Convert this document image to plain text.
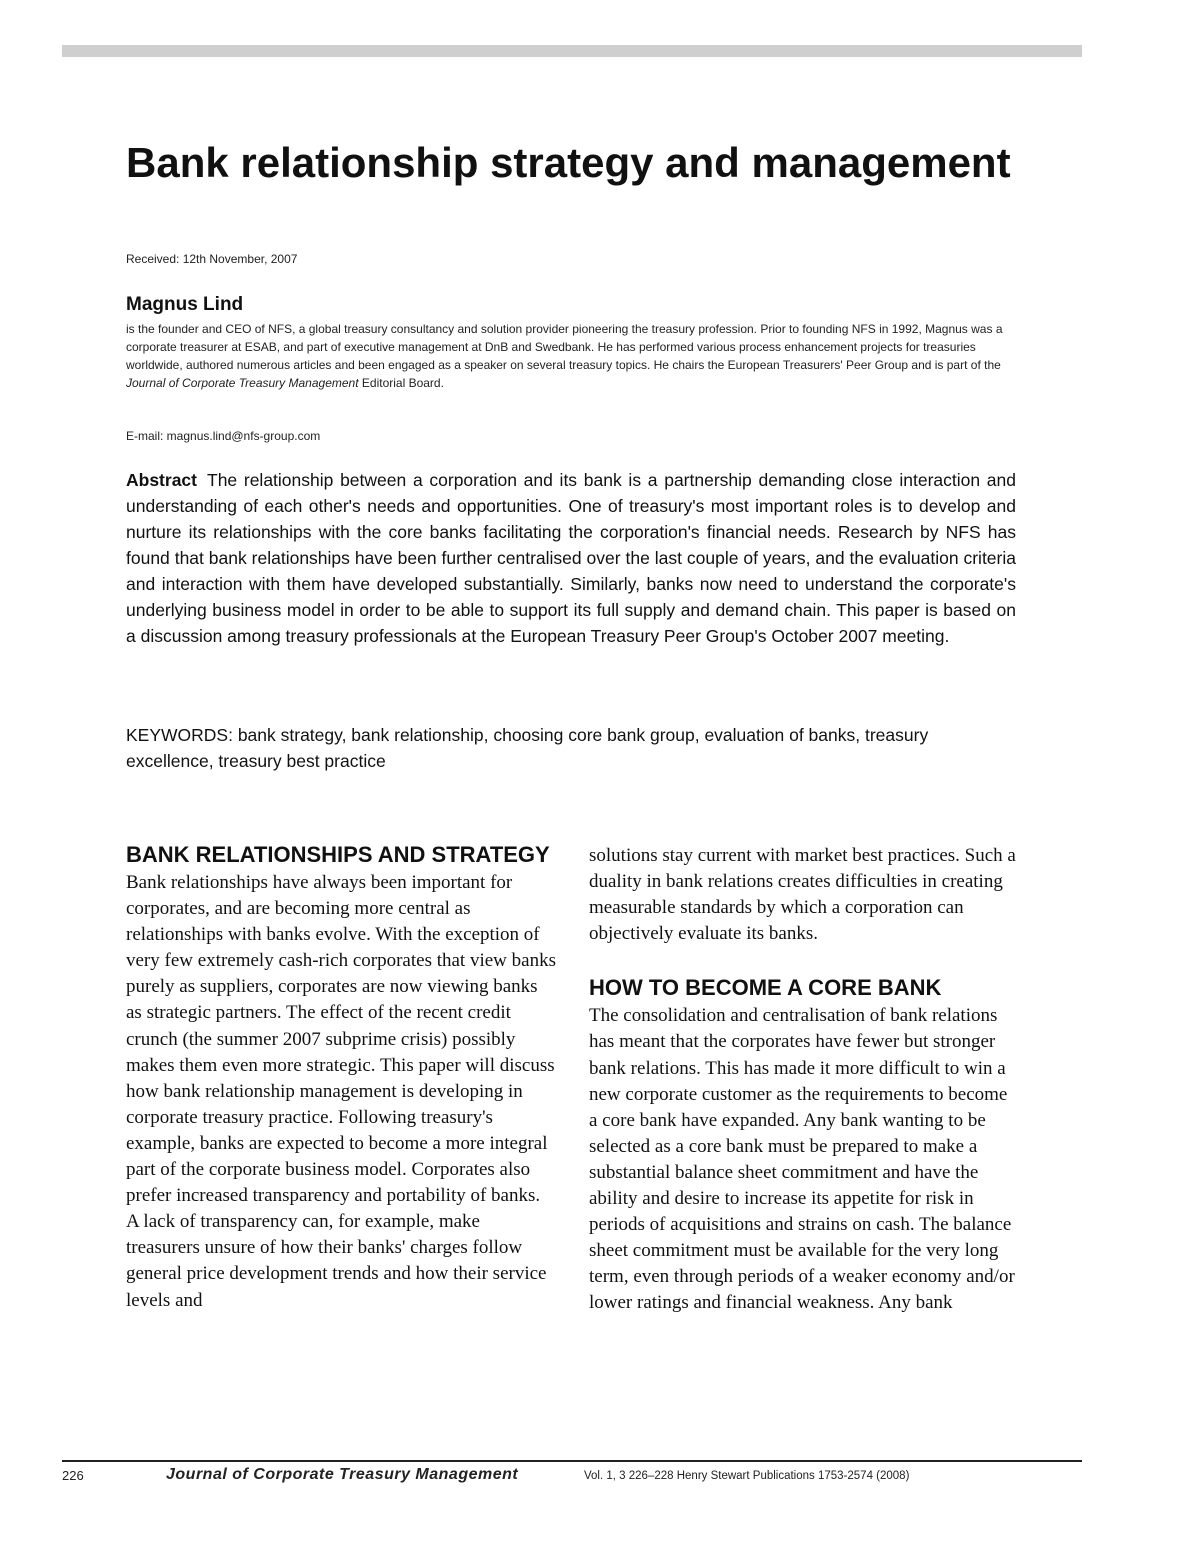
Bank relationship strategy and management
Received: 12th November, 2007
Magnus Lind

is the founder and CEO of NFS, a global treasury consultancy and solution provider pioneering the treasury profession. Prior to founding NFS in 1992, Magnus was a corporate treasurer at ESAB, and part of executive management at DnB and Swedbank. He has performed various process enhancement projects for treasuries worldwide, authored numerous articles and been engaged as a speaker on several treasury topics. He chairs the European Treasurers' Peer Group and is part of the Journal of Corporate Treasury Management Editorial Board.

E-mail: magnus.lind@nfs-group.com

Abstract The relationship between a corporation and its bank is a partnership demanding close interaction and understanding of each other's needs and opportunities. One of treasury's most important roles is to develop and nurture its relationships with the core banks facilitating the corporation's financial needs. Research by NFS has found that bank relationships have been further centralised over the last couple of years, and the evaluation criteria and interaction with them have developed substantially. Similarly, banks now need to understand the corporate's underlying business model in order to be able to support its full supply and demand chain. This paper is based on a discussion among treasury professionals at the European Treasury Peer Group's October 2007 meeting.

KEYWORDS: bank strategy, bank relationship, choosing core bank group, evaluation of banks, treasury excellence, treasury best practice

BANK RELATIONSHIPS AND STRATEGY

Bank relationships have always been important for corporates, and are becoming more central as relationships with banks evolve. With the exception of very few extremely cash-rich corporates that view banks purely as suppliers, corporates are now viewing banks as strategic partners. The effect of the recent credit crunch (the summer 2007 subprime crisis) possibly makes them even more strategic. This paper will discuss how bank relationship management is developing in corporate treasury practice. Following treasury's example, banks are expected to become a more integral part of the corporate business model. Corporates also prefer increased transparency and portability of banks. A lack of transparency can, for example, make treasurers unsure of how their banks' charges follow general price development trends and how their service levels and

solutions stay current with market best practices. Such a duality in bank relations creates difficulties in creating measurable standards by which a corporation can objectively evaluate its banks.

HOW TO BECOME A CORE BANK

The consolidation and centralisation of bank relations has meant that the corporates have fewer but stronger bank relations. This has made it more difficult to win a new corporate customer as the requirements to become a core bank have expanded. Any bank wanting to be selected as a core bank must be prepared to make a substantial balance sheet commitment and have the ability and desire to increase its appetite for risk in periods of acquisitions and strains on cash. The balance sheet commitment must be available for the very long term, even through periods of a weaker economy and/or lower ratings and financial weakness. Any bank

226	Journal of Corporate Treasury Management	Vol. 1, 3 226–228 Henry Stewart Publications 1753-2574 (2008)
